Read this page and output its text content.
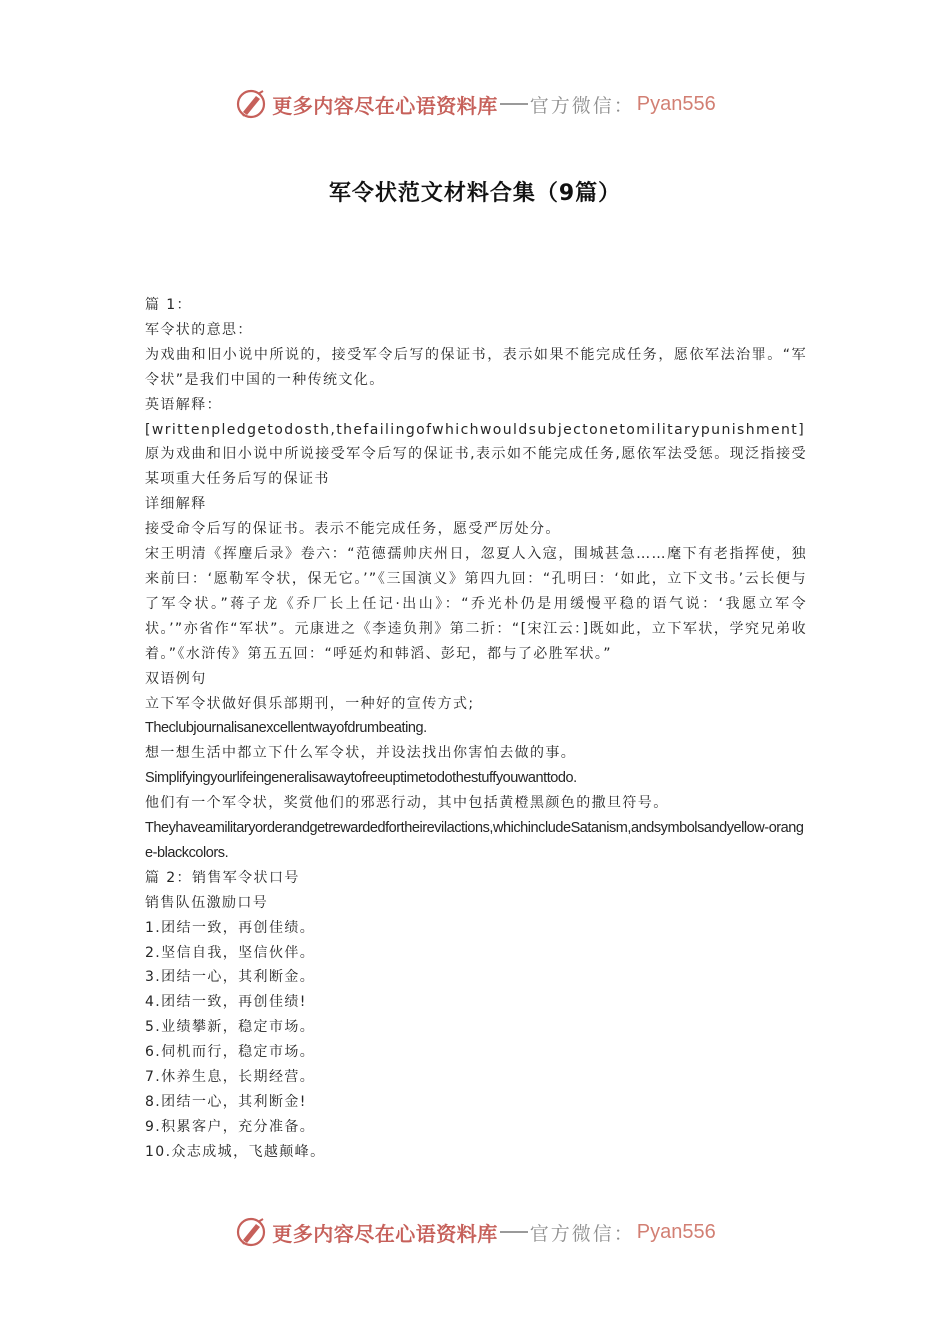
更多内容尽在心语资料库 官方微信： Pyan556
军令状范文材料合集（9篇）

篇 1：

军令状的意思：

为戏曲和旧小说中所说的，接受军令后写的保证书，表示如果不能完成任务，愿依军法治罪。“军令状”是我们中国的一种传统文化。

英语解释：

[writtenpledgetodosth,thefailingofwhichwouldsubjectonetomilitarypunishment]原为戏曲和旧小说中所说接受军令后写的保证书,表示如不能完成任务,愿依军法受惩。现泛指接受某项重大任务后写的保证书

详细解释

接受命令后写的保证书。表示不能完成任务，愿受严厉处分。

宋王明清《挥麈后录》卷六：“范德孺帅庆州日，忽夏人入寇，围城甚急……麾下有老指挥使，独来前曰：‘愿勒军令状，保无它。’”《三国演义》第四九回：“孔明曰：‘如此，立下文书。’云长便与了军令状。”蒋子龙《乔厂长上任记·出山》：“乔光朴仍是用缓慢平稳的语气说：‘我愿立军令状。’”亦省作“军状”。元康进之《李逵负荆》第二折：“[宋江云：]既如此，立下军状，学究兄弟收着。”《水浒传》第五五回：“呼延灼和韩滔、彭玘，都与了必胜军状。”

双语例句

立下军令状做好俱乐部期刊，一种好的宣传方式;

Theclubjournalisanexcellentwayofdrumbeating.

想一想生活中都立下什么军令状，并设法找出你害怕去做的事。

Simplifyingyourlifeingeneralisawaytofreeuptimetodothestuffyouwanttodo.

他们有一个军令状，奖赏他们的邪恶行动，其中包括黄橙黑颜色的撒旦符号。

Theyhaveamilitaryorderandgetrewardedfortheirevilactions,whichincludeSatanism,andsymbolsandyellow-orange-blackcolors.

篇 2：销售军令状口号

销售队伍激励口号

1.团结一致，再创佳绩。

2.坚信自我，坚信伙伴。

3.团结一心，其利断金。

4.团结一致，再创佳绩!

5.业绩攀新，稳定市场。

6.伺机而行，稳定市场。

7.休养生息，长期经营。

8.团结一心，其利断金!

9.积累客户，充分准备。

10.众志成城，飞越颠峰。

更多内容尽在心语资料库 官方微信： Pyan556
